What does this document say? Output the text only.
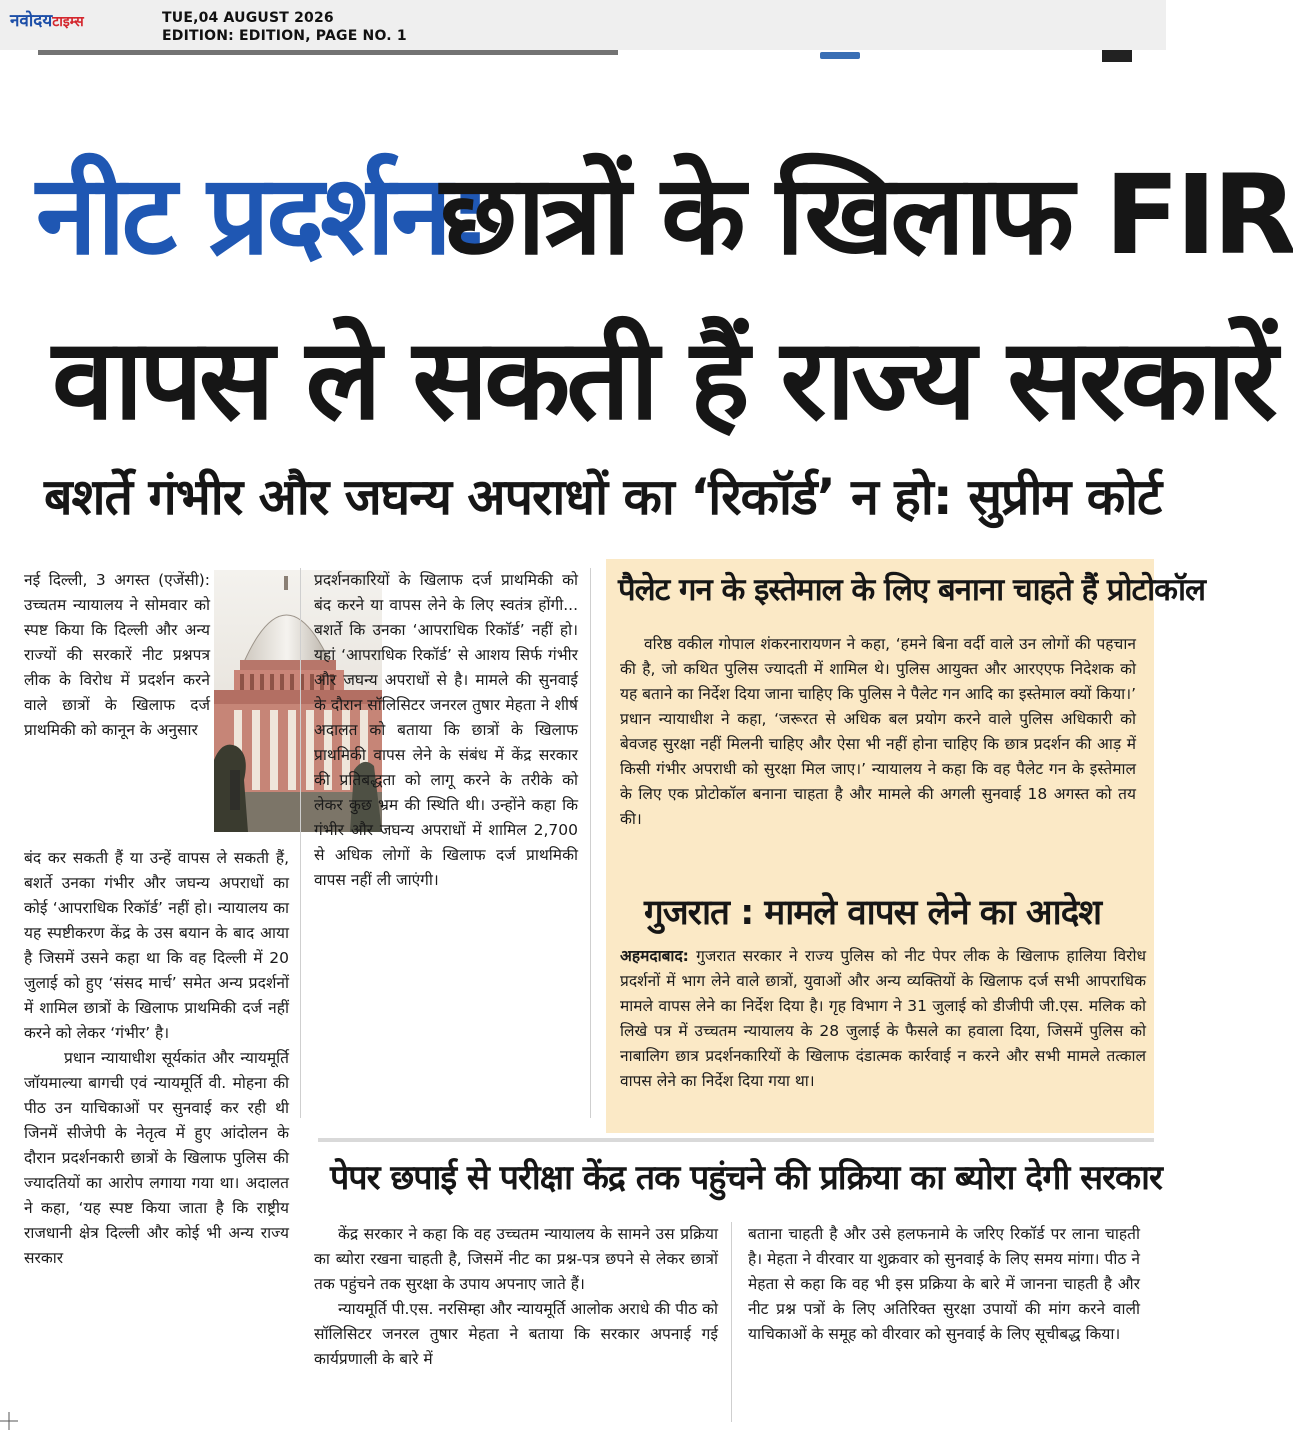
नवोदयटाइम्स	TUE,04 AUGUST 2026
EDITION: EDITION, PAGE NO. 1
नीट प्रदर्शन:
छात्रों के खिलाफ FIR
वापस ले सकती हैं राज्य सरकारें
बशर्ते गंभीर और जघन्य अपराधों का ‘रिकॉर्ड’ न हो: सुप्रीम कोर्ट

नई दिल्ली, 3 अगस्त (एजेंसी): उच्चतम न्यायालय ने सोमवार को स्पष्ट किया कि दिल्ली और अन्य राज्यों की सरकारें नीट प्रश्नपत्र लीक के विरोध में प्रदर्शन करने वाले छात्रों के खिलाफ दर्ज प्राथमिकी को कानून के अनुसार

बंद कर सकती हैं या उन्हें वापस ले सकती हैं, बशर्ते उनका गंभीर और जघन्य अपराधों का कोई ‘आपराधिक रिकॉर्ड’ नहीं हो। न्यायालय का यह स्पष्टीकरण केंद्र के उस बयान के बाद आया है जिसमें उसने कहा था कि वह दिल्ली में 20 जुलाई को हुए ‘संसद मार्च’ समेत अन्य प्रदर्शनों में शामिल छात्रों के खिलाफ प्राथमिकी दर्ज नहीं करने को लेकर ‘गंभीर’ है।

प्रधान न्यायाधीश सूर्यकांत और न्यायमूर्ति जॉयमाल्या बागची एवं न्यायमूर्ति वी. मोहना की पीठ उन याचिकाओं पर सुनवाई कर रही थी जिनमें सीजेपी के नेतृत्व में हुए आंदोलन के दौरान प्रदर्शनकारी छात्रों के खिलाफ पुलिस की ज्यादतियों का आरोप लगाया गया था। अदालत ने कहा, ‘यह स्पष्ट किया जाता है कि राष्ट्रीय राजधानी क्षेत्र दिल्ली और कोई भी अन्य राज्य सरकार

प्रदर्शनकारियों के खिलाफ दर्ज प्राथमिकी को बंद करने या वापस लेने के लिए स्वतंत्र होंगी... बशर्ते कि उनका ‘आपराधिक रिकॉर्ड’ नहीं हो। यहां ‘आपराधिक रिकॉर्ड’ से आशय सिर्फ गंभीर और जघन्य अपराधों से है। मामले की सुनवाई के दौरान सॉलिसिटर जनरल तुषार मेहता ने शीर्ष अदालत को बताया कि छात्रों के खिलाफ प्राथमिकी वापस लेने के संबंध में केंद्र सरकार की प्रतिबद्धता को लागू करने के तरीके को लेकर कुछ भ्रम की स्थिति थी। उन्होंने कहा कि गंभीर और जघन्य अपराधों में शामिल 2,700 से अधिक लोगों के खिलाफ दर्ज प्राथमिकी वापस नहीं ली जाएंगी।

पैलेट गन के इस्तेमाल के लिए बनाना चाहते हैं प्रोटोकॉल

वरिष्ठ वकील गोपाल शंकरनारायणन ने कहा, ‘हमने बिना वर्दी वाले उन लोगों की पहचान की है, जो कथित पुलिस ज्यादती में शामिल थे। पुलिस आयुक्त और आरएएफ निदेशक को यह बताने का निर्देश दिया जाना चाहिए कि पुलिस ने पैलेट गन आदि का इस्तेमाल क्यों किया।’ प्रधान न्यायाधीश ने कहा, ‘जरूरत से अधिक बल प्रयोग करने वाले पुलिस अधिकारी को बेवजह सुरक्षा नहीं मिलनी चाहिए और ऐसा भी नहीं होना चाहिए कि छात्र प्रदर्शन की आड़ में किसी गंभीर अपराधी को सुरक्षा मिल जाए।’ न्यायालय ने कहा कि वह पैलेट गन के इस्तेमाल के लिए एक प्रोटोकॉल बनाना चाहता है और मामले की अगली सुनवाई 18 अगस्त को तय की।

गुजरात : मामले वापस लेने का आदेश

अहमदाबाद: गुजरात सरकार ने राज्य पुलिस को नीट पेपर लीक के खिलाफ हालिया विरोध प्रदर्शनों में भाग लेने वाले छात्रों, युवाओं और अन्य व्यक्तियों के खिलाफ दर्ज सभी आपराधिक मामले वापस लेने का निर्देश दिया है। गृह विभाग ने 31 जुलाई को डीजीपी जी.एस. मलिक को लिखे पत्र में उच्चतम न्यायालय के 28 जुलाई के फैसले का हवाला दिया, जिसमें पुलिस को नाबालिग छात्र प्रदर्शनकारियों के खिलाफ दंडात्मक कार्रवाई न करने और सभी मामले तत्काल वापस लेने का निर्देश दिया गया था।

पेपर छपाई से परीक्षा केंद्र तक पहुंचने की प्रक्रिया का ब्योरा देगी सरकार

केंद्र सरकार ने कहा कि वह उच्चतम न्यायालय के सामने उस प्रक्रिया का ब्योरा रखना चाहती है, जिसमें नीट का प्रश्न-पत्र छपने से लेकर छात्रों तक पहुंचने तक सुरक्षा के उपाय अपनाए जाते हैं।

न्यायमूर्ति पी.एस. नरसिम्हा और न्यायमूर्ति आलोक अराधे की पीठ को सॉलिसिटर जनरल तुषार मेहता ने बताया कि सरकार अपनाई गई कार्यप्रणाली के बारे में

बताना चाहती है और उसे हलफनामे के जरिए रिकॉर्ड पर लाना चाहती है। मेहता ने वीरवार या शुक्रवार को सुनवाई के लिए समय मांगा। पीठ ने मेहता से कहा कि वह भी इस प्रक्रिया के बारे में जानना चाहती है और नीट प्रश्न पत्रों के लिए अतिरिक्त सुरक्षा उपायों की मांग करने वाली याचिकाओं के समूह को वीरवार को सुनवाई के लिए सूचीबद्ध किया।
